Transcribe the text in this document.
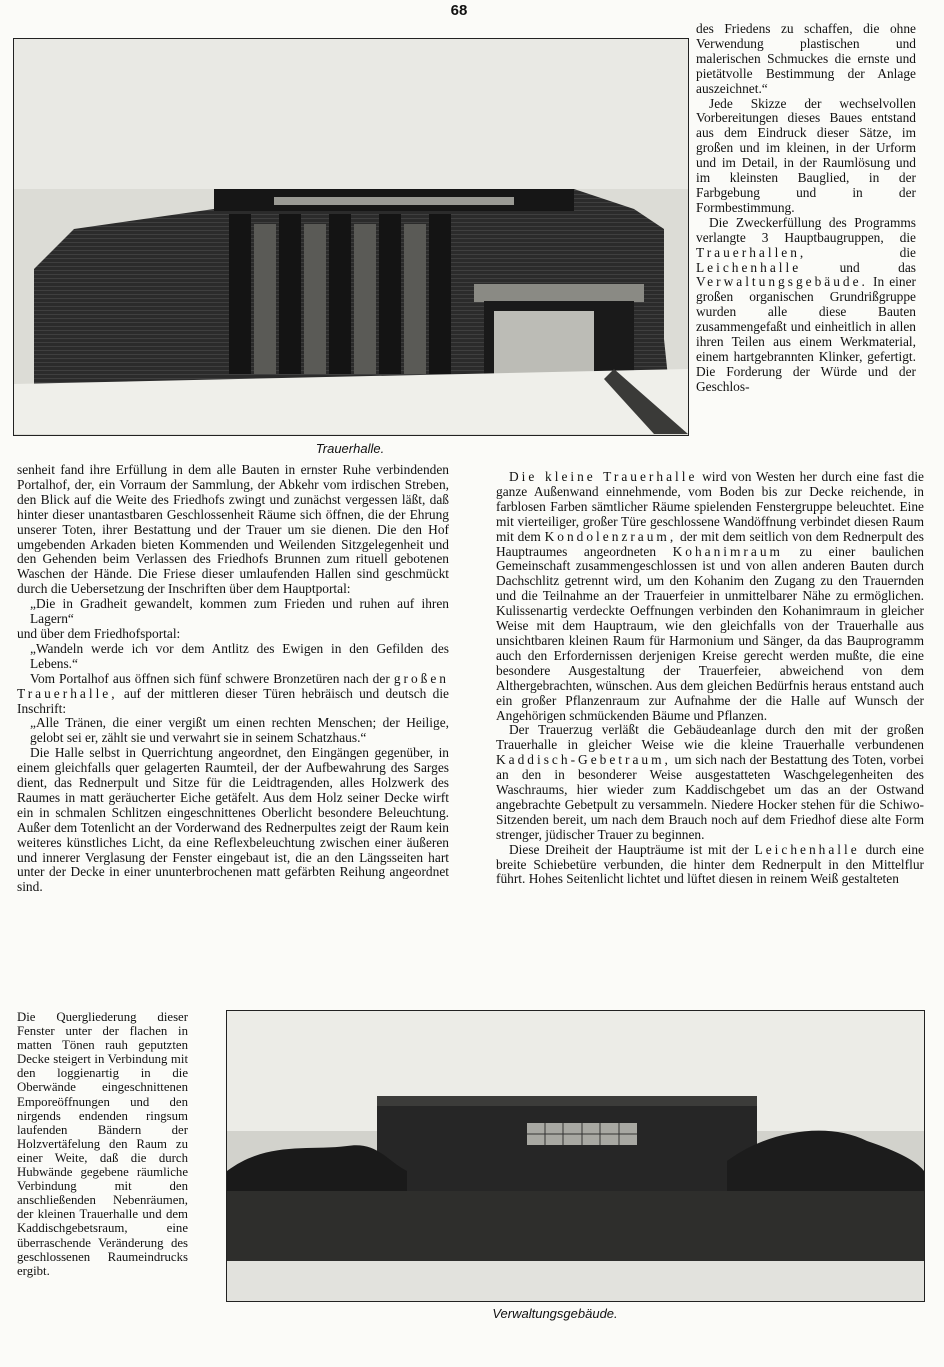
68
Trauerhalle.

des Friedens zu schaffen, die ohne Verwendung plastischen und malerischen Schmuckes die ernste und pietätvolle Bestimmung der Anlage auszeichnet.“

Jede Skizze der wechselvollen Vorbereitungen dieses Baues entstand aus dem Eindruck dieser Sätze, im großen und im kleinen, in der Urform und im Detail, in der Raumlösung und im kleinsten Bauglied, in der Farbgebung und in der Formbestimmung.

Die Zweckerfüllung des Programms verlangte 3 Hauptbaugruppen, die Trauerhallen,	die Leichenhalle	und das Verwaltungsgebäude. In einer großen organischen Grundrißgruppe wurden alle diese Bauten zusammengefaßt und einheitlich in allen ihren Teilen aus einem Werkmaterial, einem hartgebrannten Klinker, gefertigt. Die Forderung der Würde und der Geschlos-

senheit fand ihre Erfüllung in dem alle Bauten in ernster Ruhe verbindenden Portalhof, der, ein Vorraum der Sammlung, der Abkehr vom irdischen Streben, den Blick auf die Weite des Friedhofs zwingt und zunächst vergessen läßt, daß hinter dieser unantastbaren Geschlossenheit Räume sich öffnen, die der Ehrung unserer Toten, ihrer Bestattung und der Trauer um sie dienen. Die den Hof umgebenden Arkaden bieten Kommenden und Weilenden Sitzgelegenheit und den Gehenden beim Verlassen des Friedhofs Brunnen zum rituell gebotenen Waschen der Hände. Die Friese dieser umlaufenden Hallen sind geschmückt durch die Uebersetzung der Inschriften über dem Hauptportal:

„Die in Gradheit gewandelt, kommen zum Frieden und ruhen auf ihren Lagern“

und über dem Friedhofsportal:

„Wandeln werde ich vor dem Antlitz des Ewigen in den Gefilden des Lebens.“

Vom Portalhof aus öffnen sich fünf schwere Bronzetüren nach der großen Trauerhalle, auf der mittleren dieser Türen hebräisch und deutsch die Inschrift:

„Alle Tränen, die einer vergißt um einen rechten Menschen; der Heilige, gelobt sei er, zählt sie und verwahrt sie in seinem Schatzhaus.“

Die Halle selbst in Querrichtung angeordnet, den Eingängen gegenüber, in einem gleichfalls quer gelagerten Raumteil, der der Aufbewahrung des Sarges dient, das Rednerpult und Sitze für die Leidtragenden, alles Holzwerk des Raumes in matt geräucherter Eiche getäfelt. Aus dem Holz seiner Decke wirft ein in schmalen Schlitzen eingeschnittenes Oberlicht besondere Beleuchtung. Außer dem Totenlicht an der Vorderwand des Rednerpultes zeigt der Raum kein weiteres künstliches Licht, da eine Reflexbeleuchtung zwischen einer äußeren und innerer Verglasung der Fenster eingebaut ist, die an den Längsseiten hart unter der Decke in einer ununterbrochenen matt gefärbten Reihung angeordnet sind.

Die Quergliederung dieser Fenster unter der flachen in matten Tönen rauh geputzten Decke steigert in Verbindung mit den loggienartig in die Oberwände eingeschnittenen Emporeöffnungen und den nirgends endenden ringsum laufenden Bändern der Holzvertäfelung den Raum zu einer Weite, daß die durch Hubwände gegebene räumliche Verbindung mit den anschließenden Nebenräumen, der kleinen Trauerhalle und dem Kaddischgebetsraum, eine überraschende Veränderung des geschlossenen Raumeindrucks ergibt.

Die kleine Trauerhalle wird von Westen her durch eine fast die ganze Außenwand einnehmende, vom Boden bis zur Decke reichende, in farblosen Farben sämtlicher Räume spielenden Fenstergruppe beleuchtet. Eine mit vierteiliger, großer Türe geschlossene Wandöffnung verbindet diesen Raum mit dem Kondolenzraum, der mit dem seitlich von dem Rednerpult des Hauptraumes angeordneten Kohanimraum zu einer baulichen Gemeinschaft zusammengeschlossen ist und von allen anderen Bauten durch Dachschlitz getrennt wird, um den Kohanim den Zugang zu den Trauernden und die Teilnahme an der Trauerfeier in unmittelbarer Nähe zu ermöglichen. Kulissenartig verdeckte Oeffnungen verbinden den Kohanimraum in gleicher Weise mit dem Hauptraum, wie den gleichfalls von der Trauerhalle aus unsichtbaren kleinen Raum für Harmonium und Sänger, da das Bauprogramm auch den Erfordernissen derjenigen Kreise gerecht werden mußte, die eine besondere Ausgestaltung der Trauerfeier, abweichend von dem Althergebrachten, wünschen. Aus dem gleichen Bedürfnis heraus entstand auch ein großer Pflanzenraum zur Aufnahme der die Halle auf Wunsch der Angehörigen schmückenden Bäume und Pflanzen.

Der Trauerzug verläßt die Gebäudeanlage durch den mit der großen Trauerhalle in gleicher Weise wie die kleine Trauerhalle verbundenen Kaddisch-Gebetraum, um sich nach der Bestattung des Toten, vorbei an den in besonderer Weise ausgestatteten Waschgelegenheiten des Waschraums, hier wieder zum Kaddischgebet um das an der Ostwand angebrachte Gebetpult zu versammeln. Niedere Hocker stehen für die Schiwo-Sitzenden bereit, um nach dem Brauch noch auf dem Friedhof diese alte Form strenger, jüdischer Trauer zu beginnen.

Diese Dreiheit der Haupträume ist mit der Leichenhalle durch eine breite Schiebetüre verbunden, die hinter dem Rednerpult in den Mittelflur führt. Hohes Seitenlicht lichtet und lüftet diesen in reinem Weiß gestalteten

Verwaltungsgebäude.
